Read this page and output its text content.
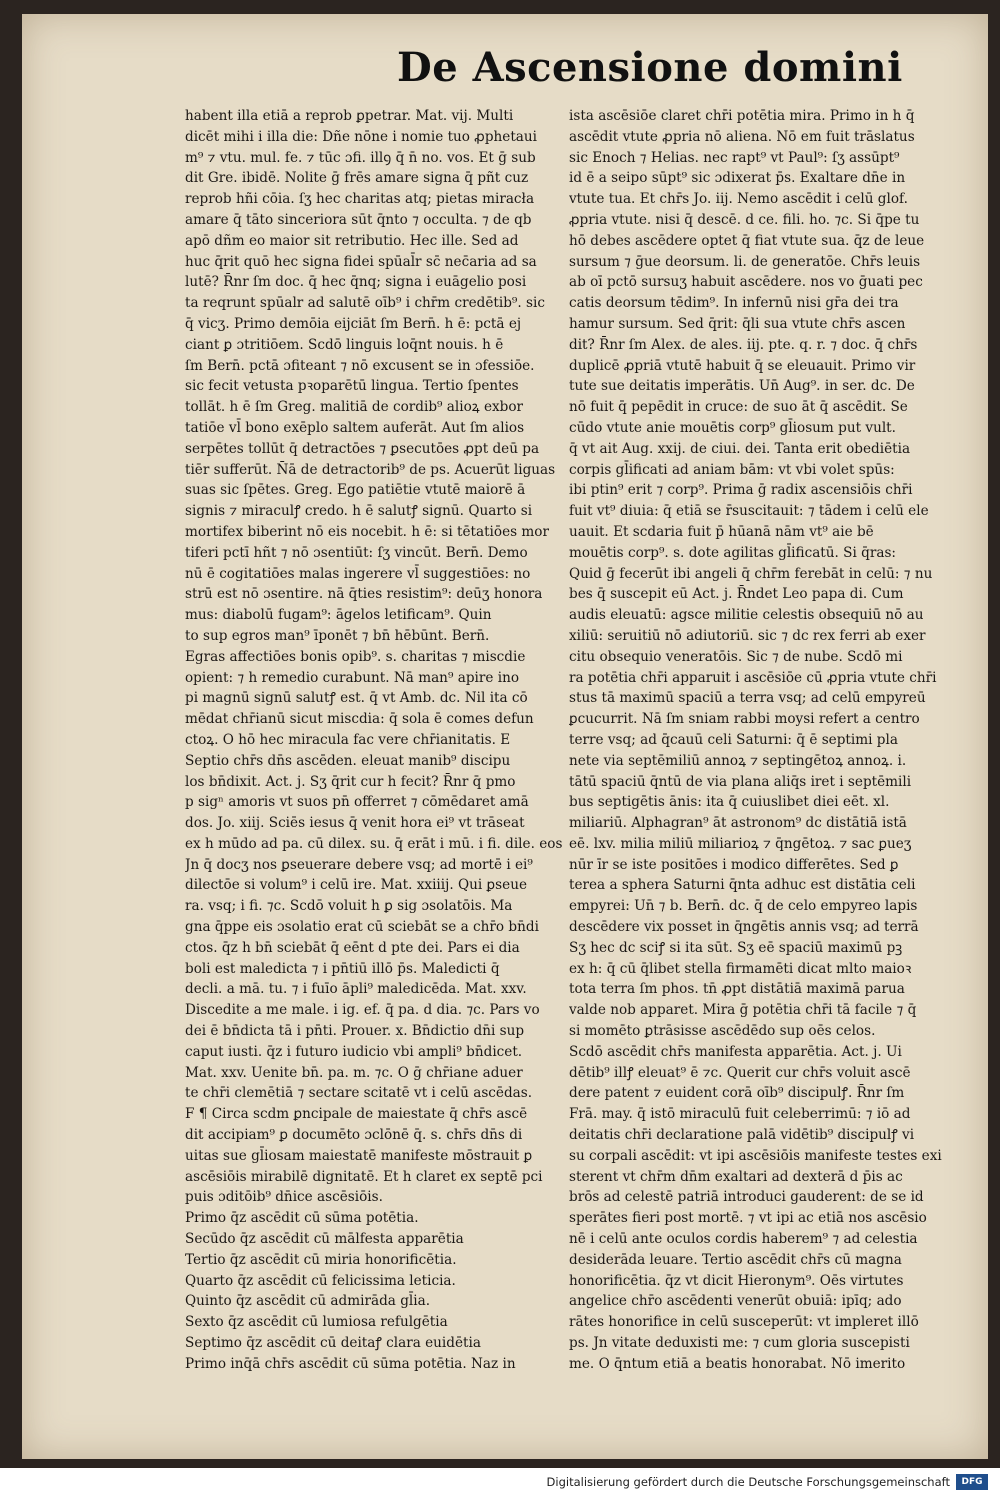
De Ascensione domini
habent illa etiā a reprob ꝑpetrar. Mat. vij. Multi
dicēt mihi i illa die: Dñe nōne i nomie tuo ꝓphetaui
m⁹ ⁊ vtu. mul. fe. ⁊ tūc ɔfi. illꝯ q̄ n̄ no. vos. Et ḡ sub
dit Gre. ibidē. Nolite ḡ frēs amare signa q̄ pñt cuz
reprob hñi cōia. ſʒ hec charitas atq; pietas miracła
amare q̄ tāto sinceriora sūt q̄nto ⁊ occulta. ⁊ de qb
apō dñm eo maior sit retributio. Hec ille. Sed ad
huc q̄rit quō hec signa fidei spūal̄r sc̄ nec̄aria ad sa
lutē? R̄nr ſm doc. q̄ hec q̄nq; signa i euāgelio posi
ta reqrunt spūalr ad salutē oīb⁹ i chr̄m credētib⁹. sic
q̄ vicʒ. Primo demōia eijciāt ſm Bern̄. h ē: pctā ej
ciant ꝑ ɔtritiōem. Scdō linguis loq̄nt nouis. h ē
ſm Bern̄. pctā ɔfiteant ⁊ nō excusent se in ɔfessiōe.
sic fecit vetusta pꝛoparētū lingua. Tertio ſpentes
tollāt. h ē ſm Greg. malitiā de cordib⁹ alioꝝ exbor
tatiōe vl̄ bono exēplo saltem auferāt. Aut ſm alios
serpētes tollūt q̄ detractōes ⁊ ꝑsecutōes ꝓpt deū pa
tiēr sufferūt. N̄ā de detractorib⁹ de ps. Acuerūt liguas
suas sic ſpētes. Greg. Ego patiētie vtutē maiorē ā
signis ⁊ miraculꝭ credo. h ē salutꝭ signū. Quarto si
mortifex biberint nō eis nocebit. h ē: si tētatiōes mor
tiferi pctī hñt ⁊ nō ɔsentiūt: ſʒ vincūt. Bern̄. Demo
nū ē cogitatiōes malas ingerere vl̄ suggestiōes: no
strū est nō ɔsentire. nā q̄ties resistim⁹: deūʒ honora
mus: diabolū fugam⁹: āgelos letificam⁹. Quin
to sup egros man⁹ īponēt ⁊ bn̄ hēbūnt. Bern̄.
Egras affectiōes bonis opib⁹. s. charitas ⁊ miscdie
opient: ⁊ h remedio curabunt. Nā man⁹ apire ino
pi magnū signū salutꝭ est. q̄ vt Amb. dc. Nil ita cō
mēdat chr̄ianū sicut miscdia: q̄ sola ē comes defun
ctoꝝ. O hō hec miracula fac vere chr̄ianitatis. E
Septio chr̄s dn̄s ascēden. eleuat manib⁹ discipu
los bn̄dixit. Act. j. Sʒ q̄rit cur h fecit? R̄nr q̄ pmo
p sigⁿ amoris vt suos pn̄ offerret ⁊ cōmēdaret amā
dos. Jo. xiij. Sciēs iesus q̄ venit hora ei⁹ vt trāseat
ex h mūdo ad pa. cū dilex. su. q̄ erāt i mū. i fi. dile. eos
Jn q̄ docʒ nos ꝑseuerare debere vsq; ad mortē i ei⁹
dilectōe si volum⁹ i celū ire. Mat. xxiiij. Qui ꝑseue
ra. vsq; i fi. ⁊c. Scdō voluit h ꝑ sig ɔsolatōis. Ma
gna q̄ppe eis ɔsolatio erat cū sciebāt se a chr̄o bn̄di
ctos. q̄z h bn̄ sciebāt q̄ eēnt d pte dei. Pars ei dia
boli est maledicta ⁊ i pn̄tiū illō p̄s. Maledicti q̄
decli. a mā. tu. ⁊ i fuīo āpli⁹ maledicēda. Mat. xxv.
Discedite a me male. i ig. ef. q̄ pa. d dia. ⁊c. Pars vo
dei ē bn̄dicta tā i pn̄ti. Prouer. x. Bn̄dictio dn̄i sup
caput iusti. q̄z i futuro iudicio vbi ampli⁹ bn̄dicet.
Mat. xxv. Uenite bn̄. pa. m. ⁊c. O ḡ chr̄iane aduer
te chr̄i clemētiā ⁊ sectare scitatē vt i celū ascēdas.
F ¶ Circa scdm ꝑncipale de maiestate q̄ chr̄s ascē
dit accipiam⁹ ꝑ documēto ɔclōnē q̄. s. chr̄s dn̄s di
uitas sue gl̄iosam maiestatē manifeste mōstrauit ꝑ
ascēsiōis mirabilē dignitatē. Et h claret ex septē pci
puis ɔditōib⁹ dn̄ice ascēsiōis.
Primo q̄z ascēdit cū sūma potētia.
Secūdo q̄z ascēdit cū mālfesta apparētia
Tertio q̄z ascēdit cū miria honorificētia.
Quarto q̄z ascēdit cū felicissima leticia.
Quinto q̄z ascēdit cū admirāda gl̄ia.
Sexto q̄z ascēdit cū lumiosa refulgētia
Septimo q̄z ascēdit cū deitaꝭ clara euidētia
Primo inq̄ā chr̄s ascēdit cū sūma potētia. Naz in
ista ascēsiōe claret chr̄i potētia mira. Primo in h q̄
ascēdit vtute ꝓpria nō aliena. Nō em fuit trāslatus
sic Enoch ⁊ Helias. nec rapt⁹ vt Paul⁹: ſʒ assūpt⁹
id ē a seipo sūpt⁹ sic ɔdixerat p̄s. Exaltare dn̄e in
vtute tua. Et chr̄s Jo. iij. Nemo ascēdit i celū glof.
ꝓpria vtute. nisi q̄ descē. d ce. fili. ho. ⁊c. Si q̄pe tu
hō debes ascēdere optet q̄ fiat vtute sua. q̄z de leue
sursum ⁊ ḡue deorsum. li. de generatōe. Chr̄s leuis
ab oī pctō sursuʒ habuit ascēdere. nos vo ḡuati pec
catis deorsum tēdim⁹. In infernū nisi gr̄a dei tra
hamur sursum. Sed q̄rit: q̄li sua vtute chr̄s ascen
dit? R̄nr ſm Alex. de ales. iij. pte. q. r. ⁊ doc. q̄ chr̄s
duplicē ꝓpriā vtutē habuit q̄ se eleuauit. Primo vir
tute sue deitatis imperātis. Un̄ Aug⁹. in ser. dc. De
nō fuit q̄ pepēdit in cruce: de suo āt q̄ ascēdit. Se
cūdo vtute anie mouētis corp⁹ gl̄iosum put vult.
q̄ vt ait Aug. xxij. de ciui. dei. Tanta erit obediētia
corpis gl̄ificati ad aniam bām: vt vbi volet spūs:
ibi ptin⁹ erit ⁊ corp⁹. Prima ḡ radix ascensiōis chr̄i
fuit vt⁹ diuia: q̄ etiā se r̄suscitauit: ⁊ tādem i celū ele
uauit. Et scdaria fuit p̄ hūanā nām vt⁹ aie bē
mouētis corp⁹. s. dote agilitas gl̄ificatū. Si q̄ras:
Quid ḡ fecerūt ibi angeli q̄ chr̄m ferebāt in celū: ⁊ nu
bes q̄ suscepit eū Act. j. R̄ndet Leo papa di. Cum
audis eleuatū: agsce militie celestis obsequiū nō au
xiliū: seruitiū nō adiutoriū. sic ⁊ dc rex ferri ab exer
citu obsequio veneratōis. Sic ⁊ de nube. Scdō mi
ra potētia chr̄i apparuit i ascēsiōe cū ꝓpria vtute chr̄i
stus tā maximū spaciū a terra vsq; ad celū empyreū
ꝑcucurrit. Nā ſm sniam rabbi moysi refert a centro
terre vsq; ad q̄cauū celi Saturni: q̄ ē septimi pla
nete via septēmiliū annoꝝ ⁊ septingētoꝝ annoꝝ. i.
tātū spaciū q̄ntū de via plana aliq̄s iret i septēmili
bus septigētis ānis: ita q̄ cuiuslibet diei eēt. xl.
miliariū. Alphagran⁹ āt astronom⁹ dc distātiā istā
eē. lxv. milia miliū miliarioꝝ ⁊ q̄ngētoꝝ. ⁊ sac ꝑueʒ
nūr īr se iste positōes i modico differētes. Sed ꝑ
terea a sphera Saturni q̄nta adhuc est distātia celi
empyrei: Un̄ ⁊ b. Bern̄. dc. q̄ de celo empyreo lapis
descēdere vix posset in q̄ngētis annis vsq; ad terrā
Sʒ hec dc sciꝭ si ita sūt. Sʒ eē spaciū maximū pꝫ
ex h: q̄ cū q̄libet stella firmamēti dicat mlto maioꝛ
tota terra ſm phos. tn̄ ꝓpt distātiā maximā parua
valde nob apparet. Mira ḡ potētia chr̄i tā facile ⁊ q̄
si momēto ꝑtrāsisse ascēdēdo sup oēs celos.
Scdō ascēdit chr̄s manifesta apparētia. Act. j. Ui
dētib⁹ illꝭ eleuat⁹ ē ⁊c. Querit cur chr̄s voluit ascē
dere patent ⁊ euident corā oīb⁹ discipulꝭ. R̄nr ſm
Frā. may. q̄ istō miraculū fuit celeberrimū: ⁊ iō ad
deitatis chr̄i declaratione palā vidētib⁹ discipulꝭ vi
su corpali ascēdit: vt ipi ascēsiōis manifeste testes exi
sterent vt chr̄m dn̄m exaltari ad dexterā d p̄is ac
brōs ad celestē patriā introduci gauderent: de se id
sperātes fieri post mortē. ⁊ vt ipi ac etiā nos ascēsio
nē i celū ante oculos cordis haberem⁹ ⁊ ad celestia
desiderāda leuare. Tertio ascēdit chr̄s cū magna
honorificētia. q̄z vt dicit Hieronym⁹. Oēs virtutes
angelice chr̄o ascēdenti venerūt obuiā: ipīq; ado
rātes honorifice in celū susceperūt: vt impleret illō
ps. Jn vitate deduxisti me: ⁊ cum gloria suscepisti
me. O q̄ntum etiā a beatis honorabat. Nō imerito
Digitalisierung gefördert durch die Deutsche Forschungsgemeinschaft	DFG
